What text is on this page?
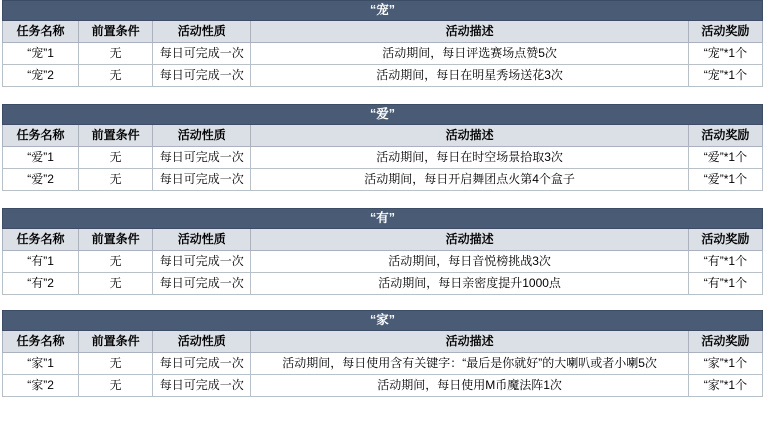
“宠”				
任务名称	前置条件	活动性质	活动描述	活动奖励
“宠”1	无	每日可完成一次	活动期间，每日评选赛场点赞5次	“宠”*1个
“宠”2	无	每日可完成一次	活动期间，每日在明星秀场送花3次	“宠”*1个
“爱”				
任务名称	前置条件	活动性质	活动描述	活动奖励
“爱”1	无	每日可完成一次	活动期间，每日在时空场景拾取3次	“爱”*1个
“爱”2	无	每日可完成一次	活动期间，每日开启舞团点火第4个盒子	“爱”*1个
“有”				
任务名称	前置条件	活动性质	活动描述	活动奖励
“有”1	无	每日可完成一次	活动期间，每日音悦榜挑战3次	“有”*1个
“有”2	无	每日可完成一次	活动期间，每日亲密度提升1000点	“有”*1个
“家”				
任务名称	前置条件	活动性质	活动描述	活动奖励
“家”1	无	每日可完成一次	活动期间，每日使用含有关键字：“最后是你就好”的大喇叭或者小喇5次	“家”*1个
“家”2	无	每日可完成一次	活动期间，每日使用M币魔法阵1次	“家”*1个
